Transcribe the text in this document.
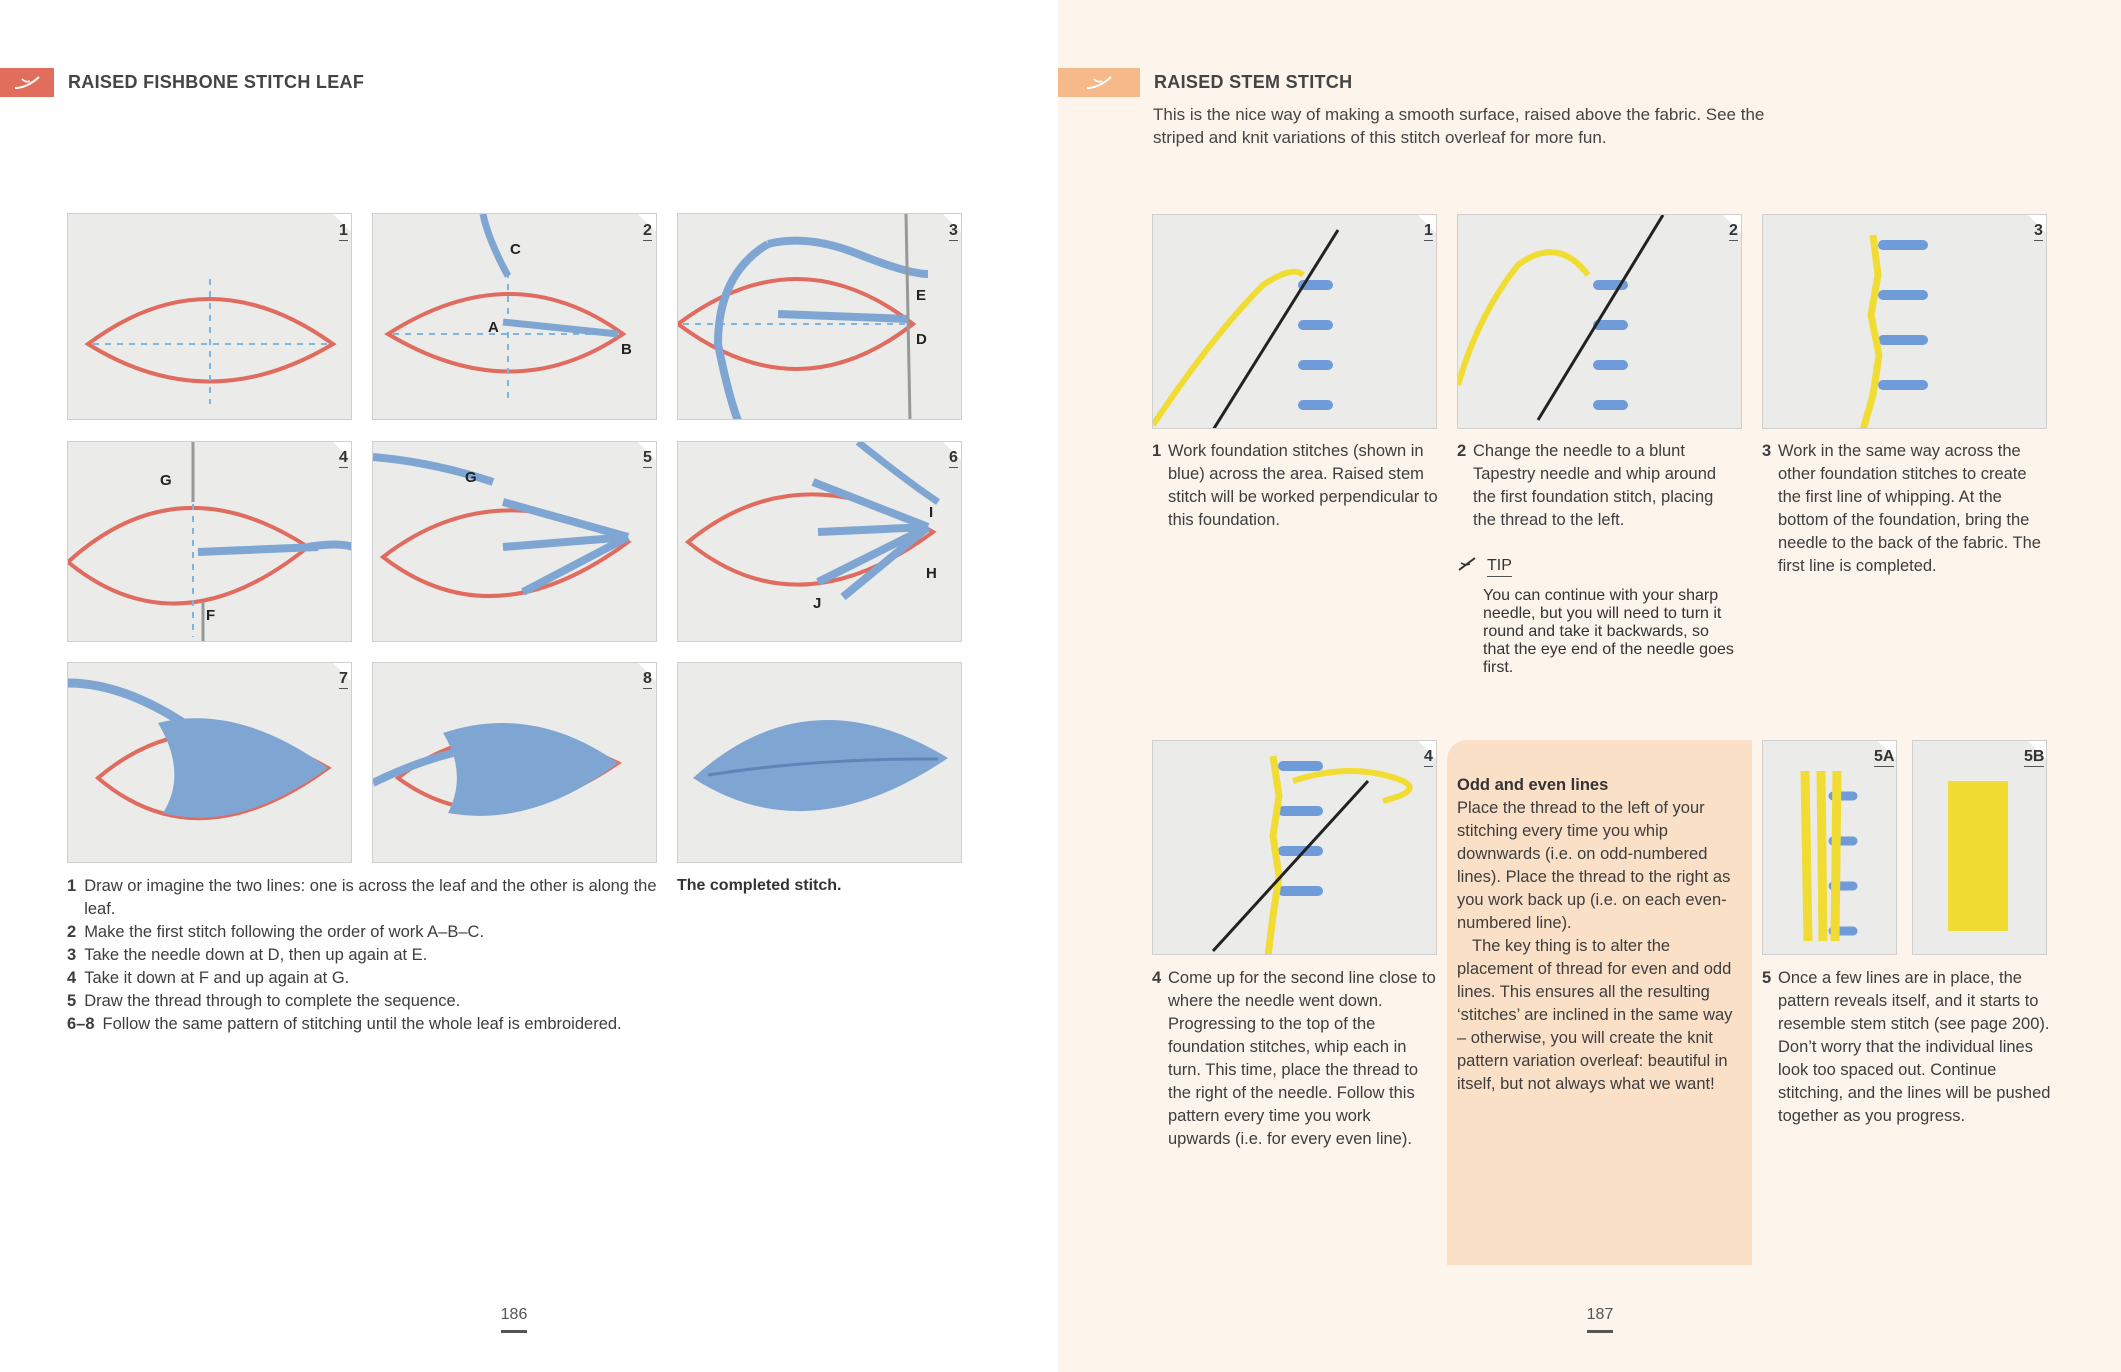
RAISED FISHBONE STITCH LEAF	RAISED STEM STITCH
This is the nice way of making a smooth surface, raised above the fabric. See the striped and knit variations of this stitch overleaf for more fun.
1
C
A
B
2
E
D
3
G
F
4
G
5
I
H
J
6
7	8
The completed stitch.
1 Draw or imagine the two lines: one is across the leaf and the other is along the leaf.
2 Make the first stitch following the order of work A–B–C.
3 Take the needle down at D, then up again at E.
4 Take it down at F and up again at G.
5 Draw the thread through to complete the sequence.
6–8 Follow the same pattern of stitching until the whole leaf is embroidered.
186
1	2	3
1 Work foundation stitches (shown in blue) across the area. Raised stem stitch will be worked perpendicular to this foundation.
2 Change the needle to a blunt Tapestry needle and whip around the first foundation stitch, placing the thread to the left.
3 Work in the same way across the other foundation stitches to create the first line of whipping. At the bottom of the foundation, bring the needle to the back of the fabric. The first line is completed.
TIP
You can continue with your sharp needle, but you will need to turn it round and take it backwards, so that the eye end of the needle goes first.
4	5A	5B
Odd and even lines

Place the thread to the left of your stitching every time you whip downwards (i.e. on odd-numbered lines). Place the thread to the right as you work back up (i.e. on each even-numbered line).

The key thing is to alter the placement of thread for even and odd lines. This ensures all the resulting ‘stitches’ are inclined in the same way – otherwise, you will create the knit pattern variation overleaf: beautiful in itself, but not always what we want!

4 Come up for the second line close to where the needle went down. Progressing to the top of the foundation stitches, whip each in turn. This time, place the thread to the right of the needle. Follow this pattern every time you work upwards (i.e. for every even line).
5 Once a few lines are in place, the pattern reveals itself, and it starts to resemble stem stitch (see page 200). Don’t worry that the individual lines look too spaced out. Continue stitching, and the lines will be pushed together as you progress.
187
